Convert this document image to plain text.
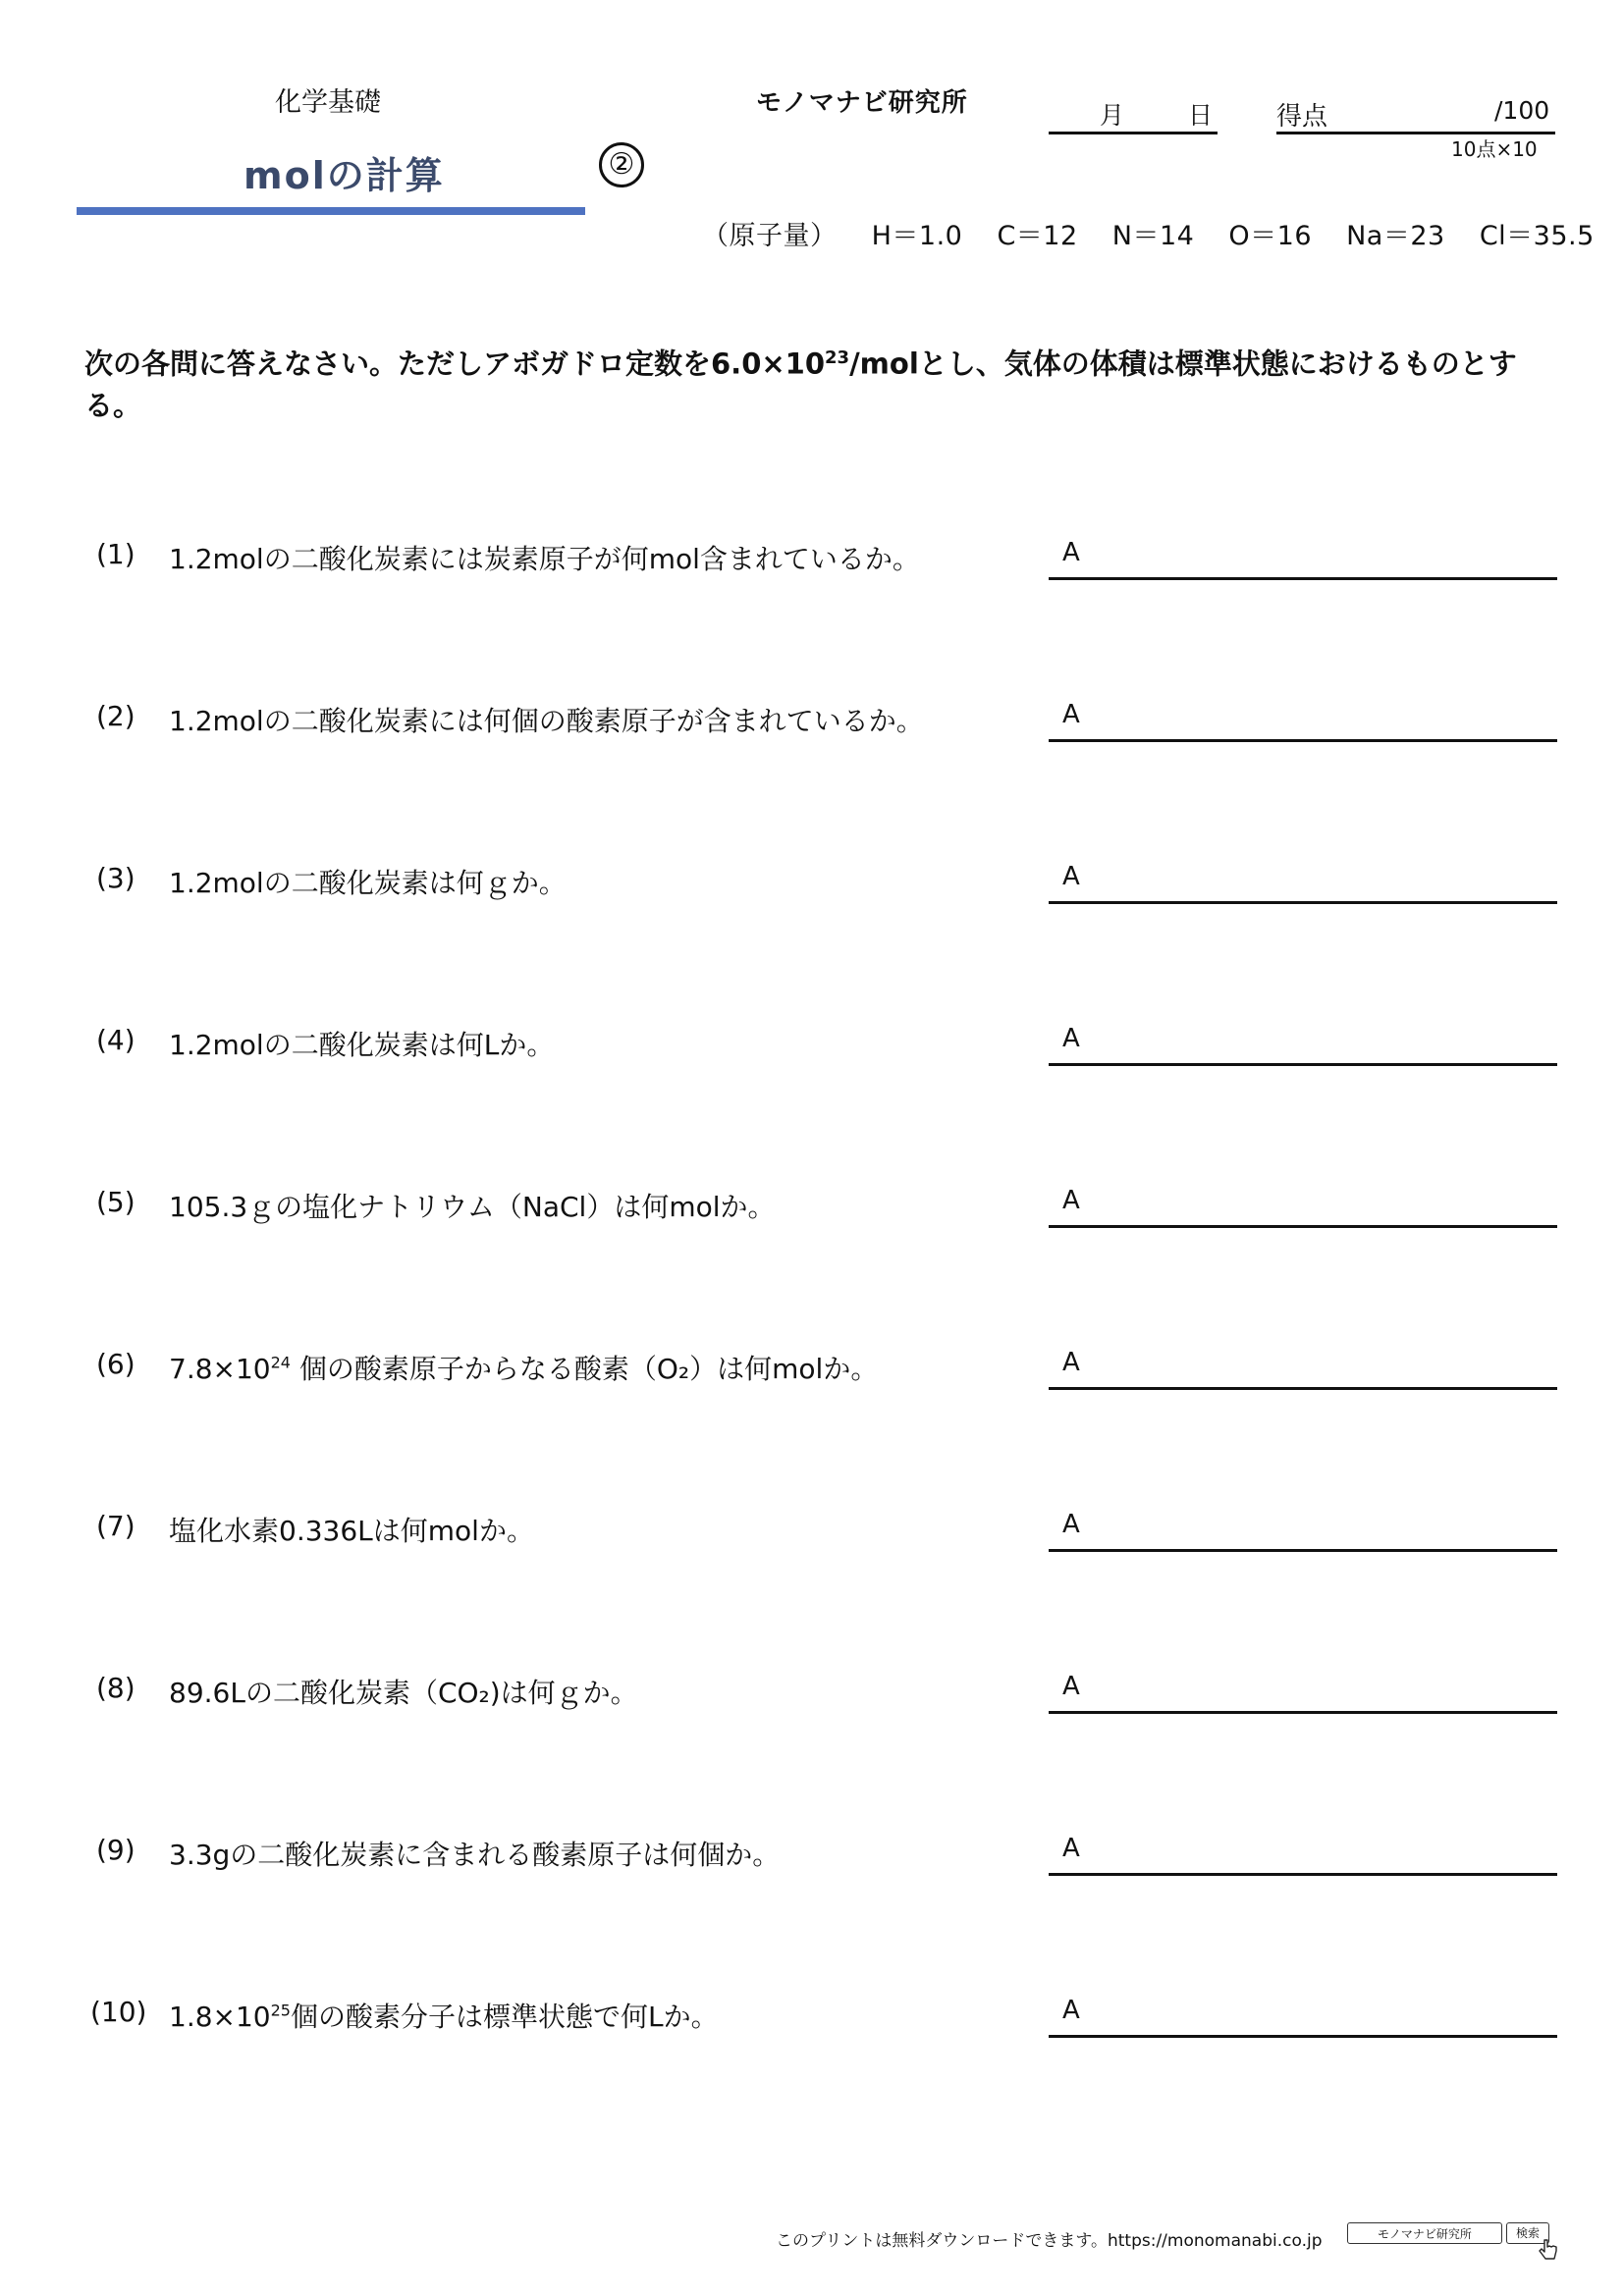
化学基礎
molの計算	②
モノマナビ研究所	月	日 得点	/100
10点×10
（原子量） H＝1.0 C＝12 N＝14 O＝16 Na＝23 Cl＝35.5
次の各問に答えなさい。ただしアボガドロ定数を$6.0\times 10^{23}$/molとし、気体の体積は標準状態におけるものとする。
(1) 1.2molの二酸化炭素には炭素原子が何mol含まれているか。	A
(2) 1.2molの二酸化炭素には何個の酸素原子が含まれているか。	A
(3) 1.2molの二酸化炭素は何ｇか。	A
(4) 1.2molの二酸化炭素は何Lか。	A
(5) 105.3ｇの塩化ナトリウム（NaCl）は何molか。	A
(6) $7.8\times 10^{24}$ 個の酸素原子からなる酸素（O₂）は何molか。	A
(7) 塩化水素0.336Lは何molか。	A
(8) 89.6Lの二酸化炭素（CO₂)は何ｇか。	A
(9) 3.3gの二酸化炭素に含まれる酸素原子は何個か。	A
(10) $1.8\times 10^{25}$個の酸素分子は標準状態で何Lか。	A
このプリントは無料ダウンロードできます。https://monomanabi.co.jp	モノマナビ研究所	検索
